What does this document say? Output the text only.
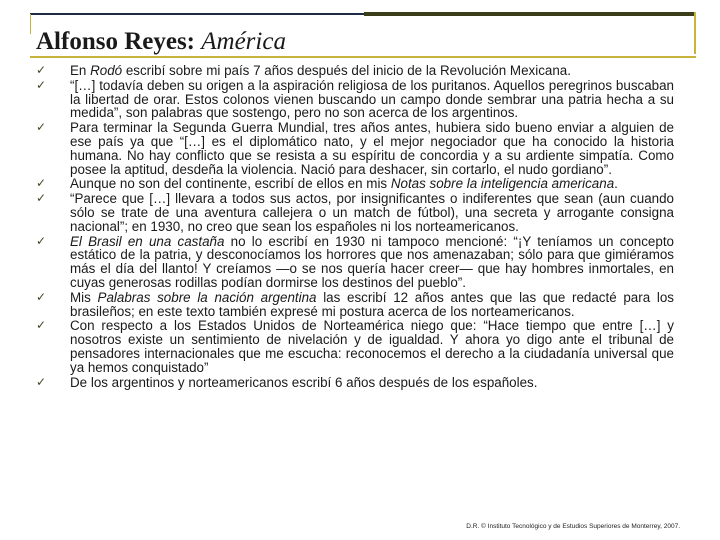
Alfonso Reyes: América
✓ En Rodó escribí sobre mi país 7 años después del inicio de la Revolución Mexicana.
✓ “[…] todavía deben su origen a la aspiración religiosa de los puritanos. Aquellos peregrinos buscaban la libertad de orar. Estos colonos vienen buscando un campo donde sembrar una patria hecha a su medida”, son palabras que sostengo, pero no son acerca de los argentinos.
✓ Para terminar la Segunda Guerra Mundial, tres años antes, hubiera sido bueno enviar a alguien de ese país ya que “[…] es el diplomático nato, y el mejor negociador que ha conocido la historia humana. No hay conflicto que se resista a su espíritu de concordia y a su ardiente simpatía. Como posee la aptitud, desdeña la violencia. Nació para deshacer, sin cortarlo, el nudo gordiano”.
✓ Aunque no son del continente, escribí de ellos en mis Notas sobre la inteligencia americana.
✓ “Parece que […] llevara a todos sus actos, por insignificantes o indiferentes que sean (aun cuando sólo se trate de una aventura callejera o un match de fútbol), una secreta y arrogante consigna nacional”; en 1930, no creo que sean los españoles ni los norteamericanos.
✓ El Brasil en una castaña no lo escribí en 1930 ni tampoco mencioné: “¡Y teníamos un concepto estático de la patria, y desconocíamos los horrores que nos amenazaban; sólo para que gimiéramos más el día del llanto! Y creíamos —o se nos quería hacer creer— que hay hombres inmortales, en cuyas generosas rodillas podían dormirse los destinos del pueblo”.
✓ Mis Palabras sobre la nación argentina las escribí 12 años antes que las que redacté para los brasileños; en este texto también expresé mi postura acerca de los norteamericanos.
✓ Con respecto a los Estados Unidos de Norteamérica niego que: “Hace tiempo que entre […] y nosotros existe un sentimiento de nivelación y de igualdad. Y ahora yo digo ante el tribunal de pensadores internacionales que me escucha: reconocemos el derecho a la ciudadanía universal que ya hemos conquistado”
✓ De los argentinos y norteamericanos escribí 6 años después de los españoles.
D.R. © Instituto Tecnológico y de Estudios Superiores de Monterrey, 2007.
